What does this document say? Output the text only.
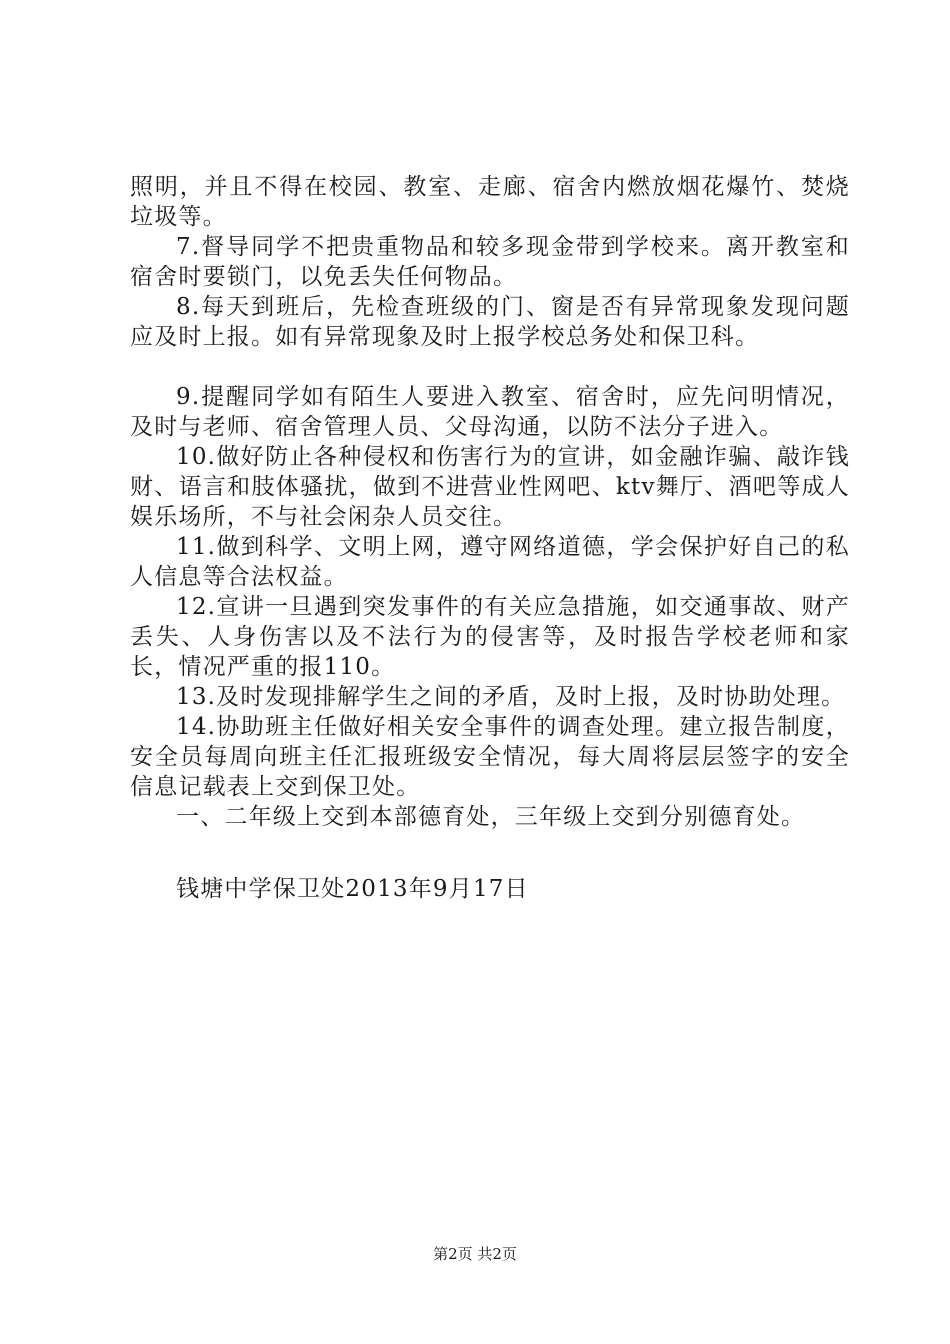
照明，并且不得在校园、教室、走廊、宿舍内燃放烟花爆竹、焚烧垃圾等。

7.督导同学不把贵重物品和较多现金带到学校来。离开教室和宿舍时要锁门，以免丢失任何物品。

8.每天到班后，先检查班级的门、窗是否有异常现象发现问题应及时上报。如有异常现象及时上报学校总务处和保卫科。

9.提醒同学如有陌生人要进入教室、宿舍时，应先问明情况，及时与老师、宿舍管理人员、父母沟通，以防不法分子进入。

10.做好防止各种侵权和伤害行为的宣讲，如金融诈骗、敲诈钱财、语言和肢体骚扰，做到不进营业性网吧、ktv舞厅、酒吧等成人娱乐场所，不与社会闲杂人员交往。

11.做到科学、文明上网，遵守网络道德，学会保护好自己的私人信息等合法权益。

12.宣讲一旦遇到突发事件的有关应急措施，如交通事故、财产丢失、人身伤害以及不法行为的侵害等，及时报告学校老师和家长，情况严重的报110。

13.及时发现排解学生之间的矛盾，及时上报，及时协助处理。

14.协助班主任做好相关安全事件的调查处理。建立报告制度，安全员每周向班主任汇报班级安全情况，每大周将层层签字的安全信息记载表上交到保卫处。

一、二年级上交到本部德育处，三年级上交到分别德育处。

钱塘中学保卫处2013年9月17日

第2页 共2页
